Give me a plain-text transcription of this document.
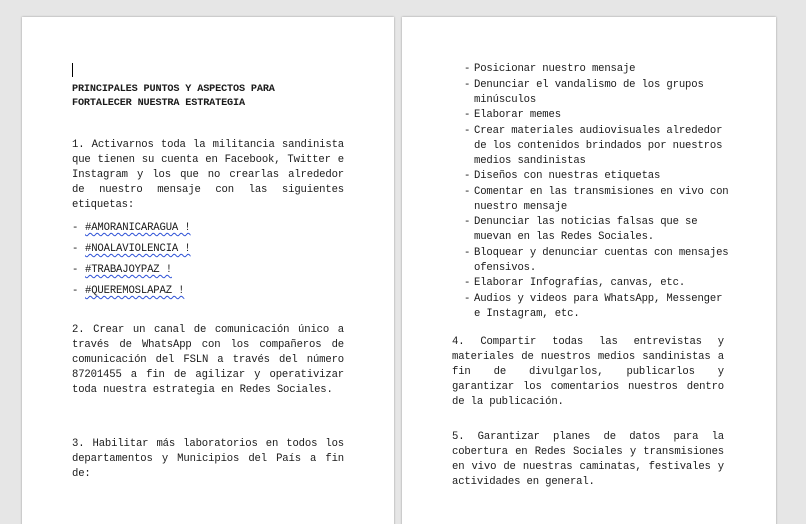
PRINCIPALES PUNTOS Y ASPECTOS PARA
FORTALECER NUESTRA ESTRATEGIA

1. Activarnos toda la militancia sandinista que tienen su cuenta en Facebook, Twitter e Instagram y los que no crearlas alrededor de nuestro mensaje con las siguientes etiquetas:

- #AMORANICARAGUA !
- #NOALAVIOLENCIA !
- #TRABAJOYPAZ !
- #QUEREMOSLAPAZ !

2. Crear un canal de comunicación único a través de WhatsApp con los compañeros de comunicación del FSLN a través del número 87201455 a fin de agilizar y operativizar toda nuestra estrategia en Redes Sociales.

3. Habilitar más laboratorios en todos los departamentos y Municipios del País a fin de:

- Posicionar nuestro mensaje
- Denunciar el vandalismo de los grupos minúsculos
- Elaborar memes
- Crear materiales audiovisuales alrededor de los contenidos brindados por nuestros medios sandinistas
- Diseños con nuestras etiquetas
- Comentar en las transmisiones en vivo con nuestro mensaje
- Denunciar las noticias falsas que se muevan en las Redes Sociales.
- Bloquear y denunciar cuentas con mensajes ofensivos.
- Elaborar Infografías, canvas, etc.
- Audios y videos para WhatsApp, Messenger e Instagram, etc.

4. Compartir todas las entrevistas y materiales de nuestros medios sandinistas a fin de divulgarlos, publicarlos y garantizar los comentarios nuestros dentro de la publicación.

5. Garantizar planes de datos para la cobertura en Redes Sociales y transmisiones en vivo de nuestras caminatas, festivales y actividades en general.
